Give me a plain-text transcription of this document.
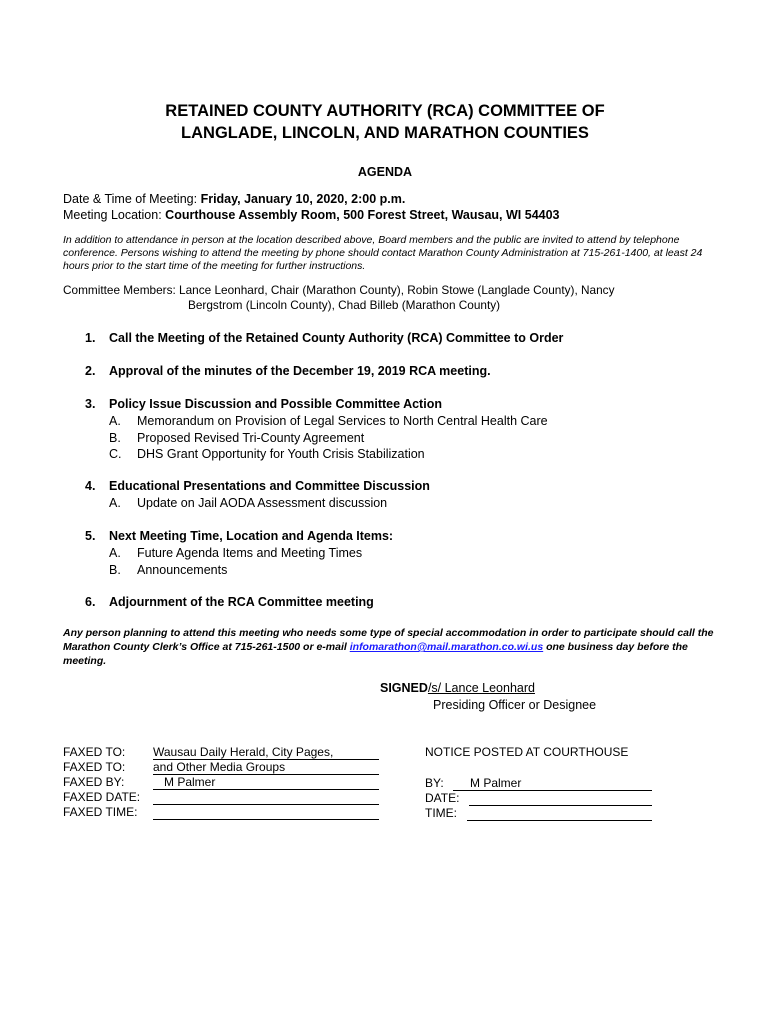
RETAINED COUNTY AUTHORITY (RCA) COMMITTEE OF
LANGLADE, LINCOLN, AND MARATHON COUNTIES
AGENDA
Date & Time of Meeting: Friday, January 10, 2020, 2:00 p.m.
Meeting Location: Courthouse Assembly Room, 500 Forest Street, Wausau, WI 54403
In addition to attendance in person at the location described above, Board members and the public are invited to attend by telephone conference. Persons wishing to attend the meeting by phone should contact Marathon County Administration at 715-261-1400, at least 24 hours prior to the start time of the meeting for further instructions.
Committee Members: Lance Leonhard, Chair (Marathon County), Robin Stowe (Langlade County), Nancy
Bergstrom (Lincoln County), Chad Billeb (Marathon County)
1. Call the Meeting of the Retained County Authority (RCA) Committee to Order
2. Approval of the minutes of the December 19, 2019 RCA meeting.
3. Policy Issue Discussion and Possible Committee Action
A. Memorandum on Provision of Legal Services to North Central Health Care
B. Proposed Revised Tri-County Agreement
C. DHS Grant Opportunity for Youth Crisis Stabilization
4. Educational Presentations and Committee Discussion
A. Update on Jail AODA Assessment discussion
5. Next Meeting Time, Location and Agenda Items:
A. Future Agenda Items and Meeting Times
B. Announcements
6. Adjournment of the RCA Committee meeting
Any person planning to attend this meeting who needs some type of special accommodation in order to participate should call the Marathon County Clerk’s Office at 715-261-1500 or e-mail infomarathon@mail.marathon.co.wi.us one business day before the meeting.
SIGNED/s/ Lance Leonhard
Presiding Officer or Designee
FAXED TO: Wausau Daily Herald, City Pages,
and Other Media Groups
FAXED TO:
FAXED BY:	M Palmer
FAXED DATE:
FAXED TIME:
NOTICE POSTED AT COURTHOUSE
BY:	M Palmer
DATE:
TIME:
